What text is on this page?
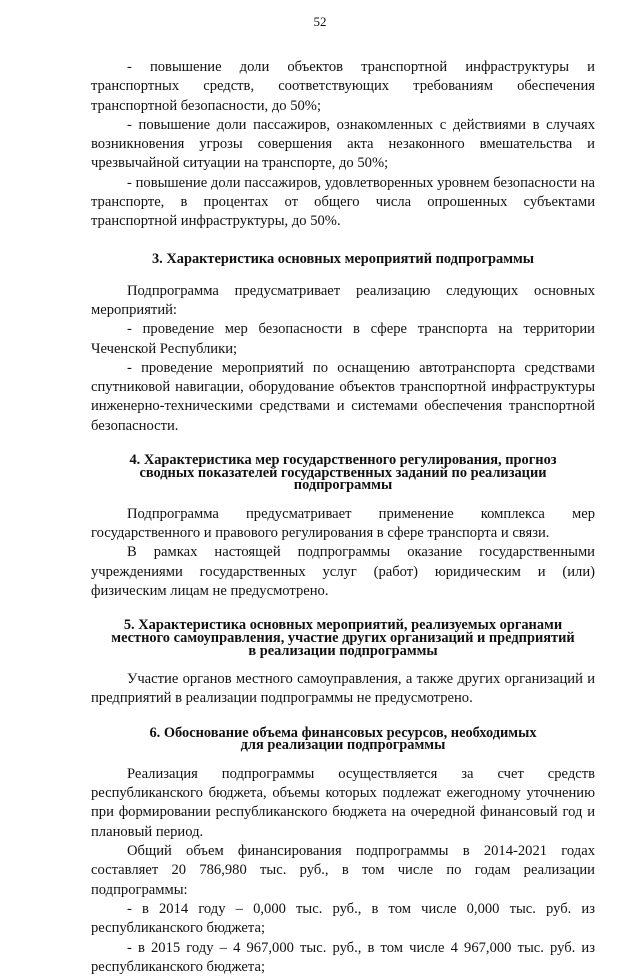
52

- повышение доли объектов транспортной инфраструктуры и транспортных средств, соответствующих требованиям обеспечения транспортной безопасности, до 50%;

- повышение доли пассажиров, ознакомленных с действиями в случаях возникновения угрозы совершения акта незаконного вмешательства и чрезвычайной ситуации на транспорте, до 50%;

- повышение доли пассажиров, удовлетворенных уровнем безопасности на транспорте, в процентах от общего числа опрошенных субъектами транспортной инфраструктуры, до 50%.

3. Характеристика основных мероприятий подпрограммы

Подпрограмма предусматривает реализацию следующих основных мероприятий:

- проведение мер безопасности в сфере транспорта на территории Чеченской Республики;

- проведение мероприятий по оснащению автотранспорта средствами спутниковой навигации, оборудование объектов транспортной инфраструктуры инженерно-техническими средствами и системами обеспечения транспортной безопасности.

4. Характеристика мер государственного регулирования, прогноз
сводных показателей государственных заданий по реализации
подпрограммы

Подпрограмма предусматривает применение комплекса мер государственного и правового регулирования в сфере транспорта и связи.

В рамках настоящей подпрограммы оказание государственными учреждениями государственных услуг (работ) юридическим и (или) физическим лицам не предусмотрено.

5. Характеристика основных мероприятий, реализуемых органами
местного самоуправления, участие других организаций и предприятий
в реализации подпрограммы

Участие органов местного самоуправления, а также других организаций и предприятий в реализации подпрограммы не предусмотрено.

6. Обоснование объема финансовых ресурсов, необходимых
для реализации подпрограммы

Реализация подпрограммы осуществляется за счет средств республиканского бюджета, объемы которых подлежат ежегодному уточнению при формировании республиканского бюджета на очередной финансовый год и плановый период.

Общий объем финансирования подпрограммы в 2014-2021 годах составляет 20 786,980 тыс. руб., в том числе по годам реализации подпрограммы:

- в 2014 году – 0,000 тыс. руб., в том числе 0,000 тыс. руб. из республиканского бюджета;

- в 2015 году – 4 967,000 тыс. руб., в том числе 4 967,000 тыс. руб. из республиканского бюджета;
